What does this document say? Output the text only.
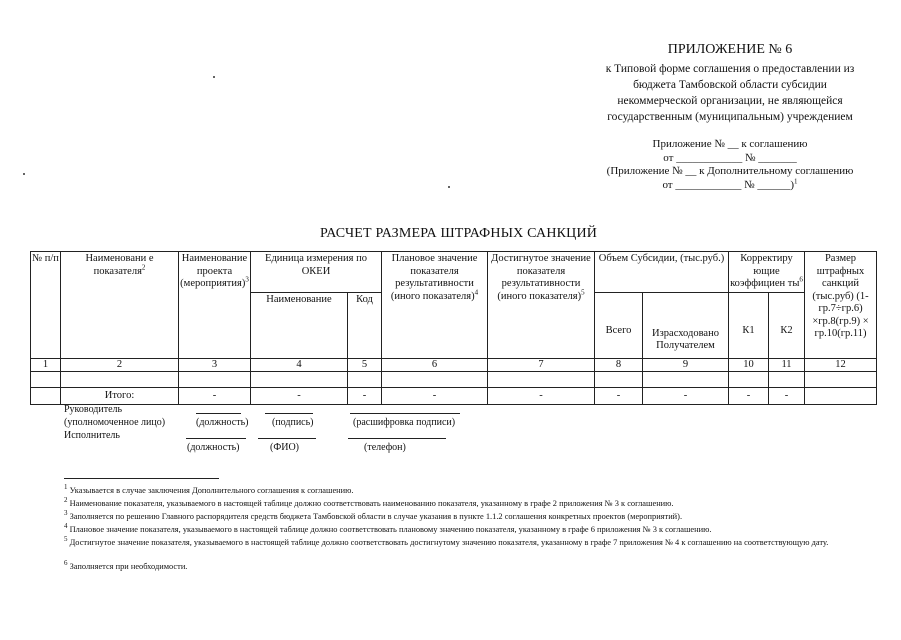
ПРИЛОЖЕНИЕ № 6
к Типовой форме соглашения о предоставлении из
бюджета Тамбовской области субсидии
некоммерческой организации, не являющейся
государственным (муниципальным) учреждением
Приложение № __ к соглашению
от ____________ № _______
(Приложение № __ к Дополнительному соглашению
от ____________ № ______)$^1$
РАСЧЕТ РАЗМЕРА ШТРАФНЫХ САНКЦИЙ
№ п/п	Наименовани е показателя$^2$	Наименование проекта (мероприятия)$^3$	Единица измерения по ОКЕИ		Плановое значение показателя результативности (иного показателя)$^4$	Достигнутое значение показателя результативности (иного показателя)$^5$	Объем Субсидии, (тыс.руб.)		Корректиру ющие коэффициен $ты^6$		Размер штрафных санкций (тыс.руб) (1-гр.7÷гр.6) ×гр.8(гр.9) × гр.10(гр.11)
			Наименование	Код			Всего	Израсходовано Получателем	К1	К2	
1	2	3	4	5	6	7	8	9	10	11	12

	Итого:	-	-	-	-	-	-	-	-	-	
Руководитель
(уполномоченное лицо)	(должность) (подпись)	(расшифровка подписи)
Исполнитель
(должность)	(ФИО)	(телефон)
$^1$ Указывается в случае заключения Дополнительного соглашения к соглашению.
$^2$ Наименование показателя, указываемого в настоящей таблице должно соответствовать наименованию показателя, указанному в графе 2 приложения № 3 к соглашению.
$^3$ Заполняется по решению Главного распорядителя средств бюджета Тамбовской области в случае указания в пункте 1.1.2 соглашения конкретных проектов (мероприятий).
$^4$ Плановое значение показателя, указываемого в настоящей таблице должно соответствовать плановому значению показателя, указанному в графе 6 приложения № 3 к соглашению.
$^5$ Достигнутое значение показателя, указываемого в настоящей таблице должно соответствовать достигнутому значению показателя, указанному в графе 7 приложения № 4 к соглашению на соответствующую дату.
$^6$ Заполняется при необходимости.
